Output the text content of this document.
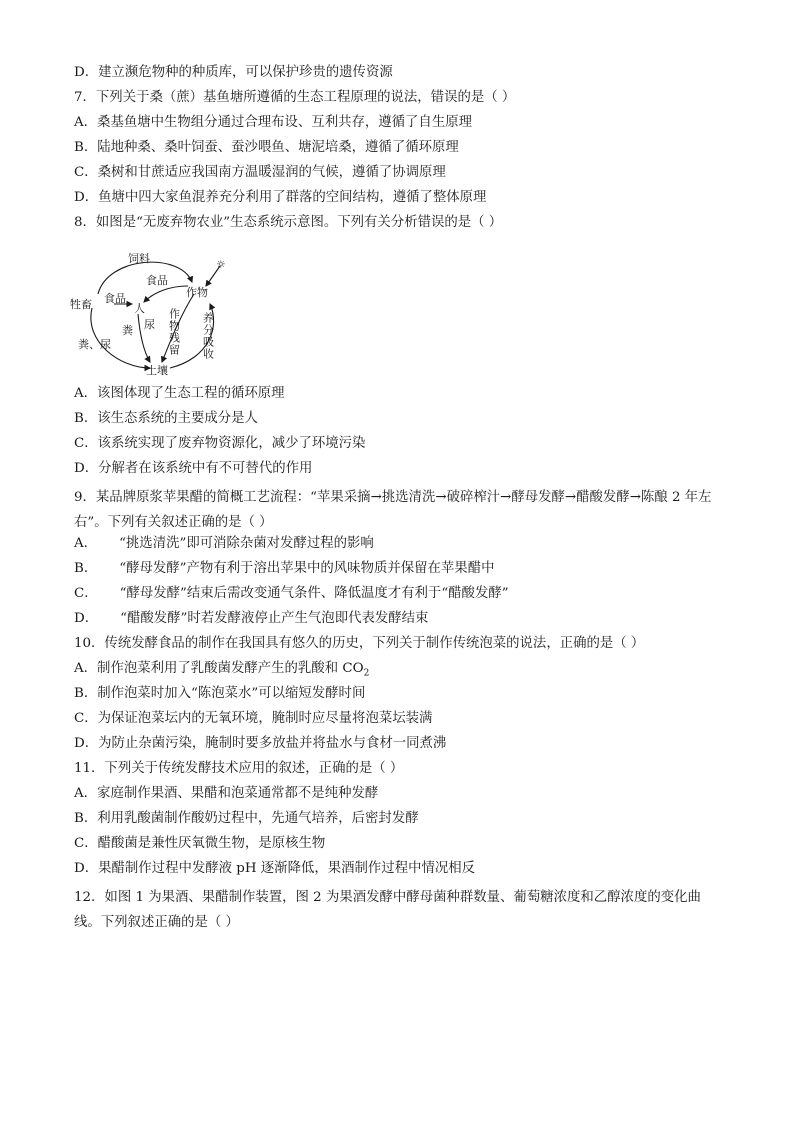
D．建立濒危物种的种质库，可以保护珍贵的遗传资源
7．下列关于桑（蔗）基鱼塘所遵循的生态工程原理的说法，错误的是（ ）
A．桑基鱼塘中生物组分通过合理布设、互利共存，遵循了自生原理
B．陆地种桑、桑叶饲蚕、蚕沙喂鱼、塘泥培桑，遵循了循环原理
C．桑树和甘蔗适应我国南方温暖湿润的气候，遵循了协调原理
D．鱼塘中四大家鱼混养充分利用了群落的空间结构，遵循了整体原理
8．如图是“无废弃物农业”生态系统示意图。下列有关分析错误的是（ ）
☼
饲料
食品
牲畜 食品	作物
人
粪 尿 作物残留 养分吸收
粪、尿
土壤
A．该图体现了生态工程的循环原理
B．该生态系统的主要成分是人
C．该系统实现了废弃物资源化，减少了环境污染
D．分解者在该系统中有不可替代的作用
9．某品牌原浆苹果醋的简概工艺流程：“苹果采摘→挑选清洗→破碎榨汁→酵母发酵→醋酸发酵→陈酿 2 年左右”。下列有关叙述正确的是（ ）
A． “挑选清洗”即可消除杂菌对发酵过程的影响
B． “酵母发酵”产物有利于溶出苹果中的风味物质并保留在苹果醋中
C． “酵母发酵”结束后需改变通气条件、降低温度才有利于“醋酸发酵”
D． “醋酸发酵”时若发酵液停止产生气泡即代表发酵结束
10．传统发酵食品的制作在我国具有悠久的历史，下列关于制作传统泡菜的说法，正确的是（ ）
A．制作泡菜利用了乳酸菌发酵产生的乳酸和 $CO_2$
B．制作泡菜时加入“陈泡菜水”可以缩短发酵时间
C．为保证泡菜坛内的无氧环境，腌制时应尽量将泡菜坛装满
D．为防止杂菌污染，腌制时要多放盐并将盐水与食材一同煮沸
11．下列关于传统发酵技术应用的叙述，正确的是（ ）
A．家庭制作果酒、果醋和泡菜通常都不是纯种发酵
B．利用乳酸菌制作酸奶过程中，先通气培养，后密封发酵
C．醋酸菌是兼性厌氧微生物，是原核生物
D．果醋制作过程中发酵液 pH 逐渐降低，果酒制作过程中情况相反
12．如图 1 为果酒、果醋制作装置，图 2 为果酒发酵中酵母菌种群数量、葡萄糖浓度和乙醇浓度的变化曲线。下列叙述正确的是（ ）
